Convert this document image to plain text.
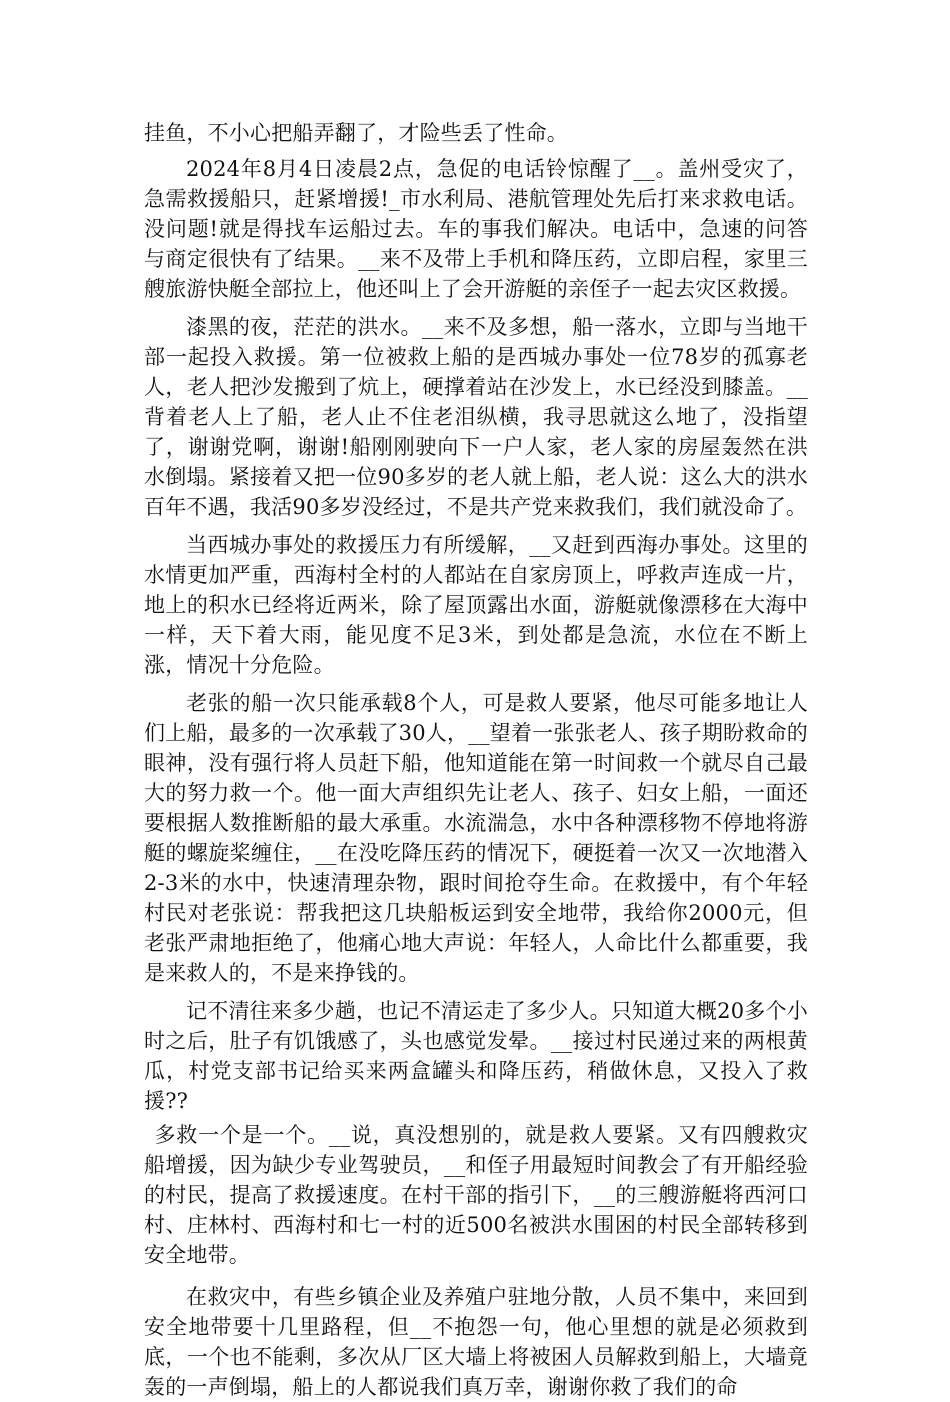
挂鱼，不小心把船弄翻了，才险些丢了性命。

2024年8月4日凌晨2点，急促的电话铃惊醒了__。盖州受灾了，急需救援船只，赶紧增援!_市水利局、港航管理处先后打来求救电话。没问题!就是得找车运船过去。车的事我们解决。电话中，急速的问答与商定很快有了结果。__来不及带上手机和降压药，立即启程，家里三艘旅游快艇全部拉上，他还叫上了会开游艇的亲侄子一起去灾区救援。

漆黑的夜，茫茫的洪水。__来不及多想，船一落水，立即与当地干部一起投入救援。第一位被救上船的是西城办事处一位78岁的孤寡老人，老人把沙发搬到了炕上，硬撑着站在沙发上，水已经没到膝盖。__背着老人上了船，老人止不住老泪纵横，我寻思就这么地了，没指望了，谢谢党啊，谢谢!船刚刚驶向下一户人家，老人家的房屋轰然在洪水倒塌。紧接着又把一位90多岁的老人就上船，老人说：这么大的洪水百年不遇，我活90多岁没经过，不是共产党来救我们，我们就没命了。

当西城办事处的救援压力有所缓解，__又赶到西海办事处。这里的水情更加严重，西海村全村的人都站在自家房顶上，呼救声连成一片，地上的积水已经将近两米，除了屋顶露出水面，游艇就像漂移在大海中一样，天下着大雨，能见度不足3米，到处都是急流，水位在不断上涨，情况十分危险。

老张的船一次只能承载8个人，可是救人要紧，他尽可能多地让人们上船，最多的一次承载了30人，__望着一张张老人、孩子期盼救命的眼神，没有强行将人员赶下船，他知道能在第一时间救一个就尽自己最大的努力救一个。他一面大声组织先让老人、孩子、妇女上船，一面还要根据人数推断船的最大承重。水流湍急，水中各种漂移物不停地将游艇的螺旋桨缠住，__在没吃降压药的情况下，硬挺着一次又一次地潜入2-3米的水中，快速清理杂物，跟时间抢夺生命。在救援中，有个年轻村民对老张说：帮我把这几块船板运到安全地带，我给你2000元，但老张严肃地拒绝了，他痛心地大声说：年轻人，人命比什么都重要，我是来救人的，不是来挣钱的。

记不清往来多少趟，也记不清运走了多少人。只知道大概20多个小时之后，肚子有饥饿感了，头也感觉发晕。__接过村民递过来的两根黄瓜，村党支部书记给买来两盒罐头和降压药，稍做休息，又投入了救援??

多救一个是一个。__说，真没想别的，就是救人要紧。又有四艘救灾船增援，因为缺少专业驾驶员，__和侄子用最短时间教会了有开船经验的村民，提高了救援速度。在村干部的指引下，__的三艘游艇将西河口村、庄林村、西海村和七一村的近500名被洪水围困的村民全部转移到安全地带。

在救灾中，有些乡镇企业及养殖户驻地分散，人员不集中，来回到安全地带要十几里路程，但__不抱怨一句，他心里想的就是必须救到底，一个也不能剩，多次从厂区大墙上将被困人员解救到船上，大墙竟轰的一声倒塌，船上的人都说我们真万幸，谢谢你救了我们的命
